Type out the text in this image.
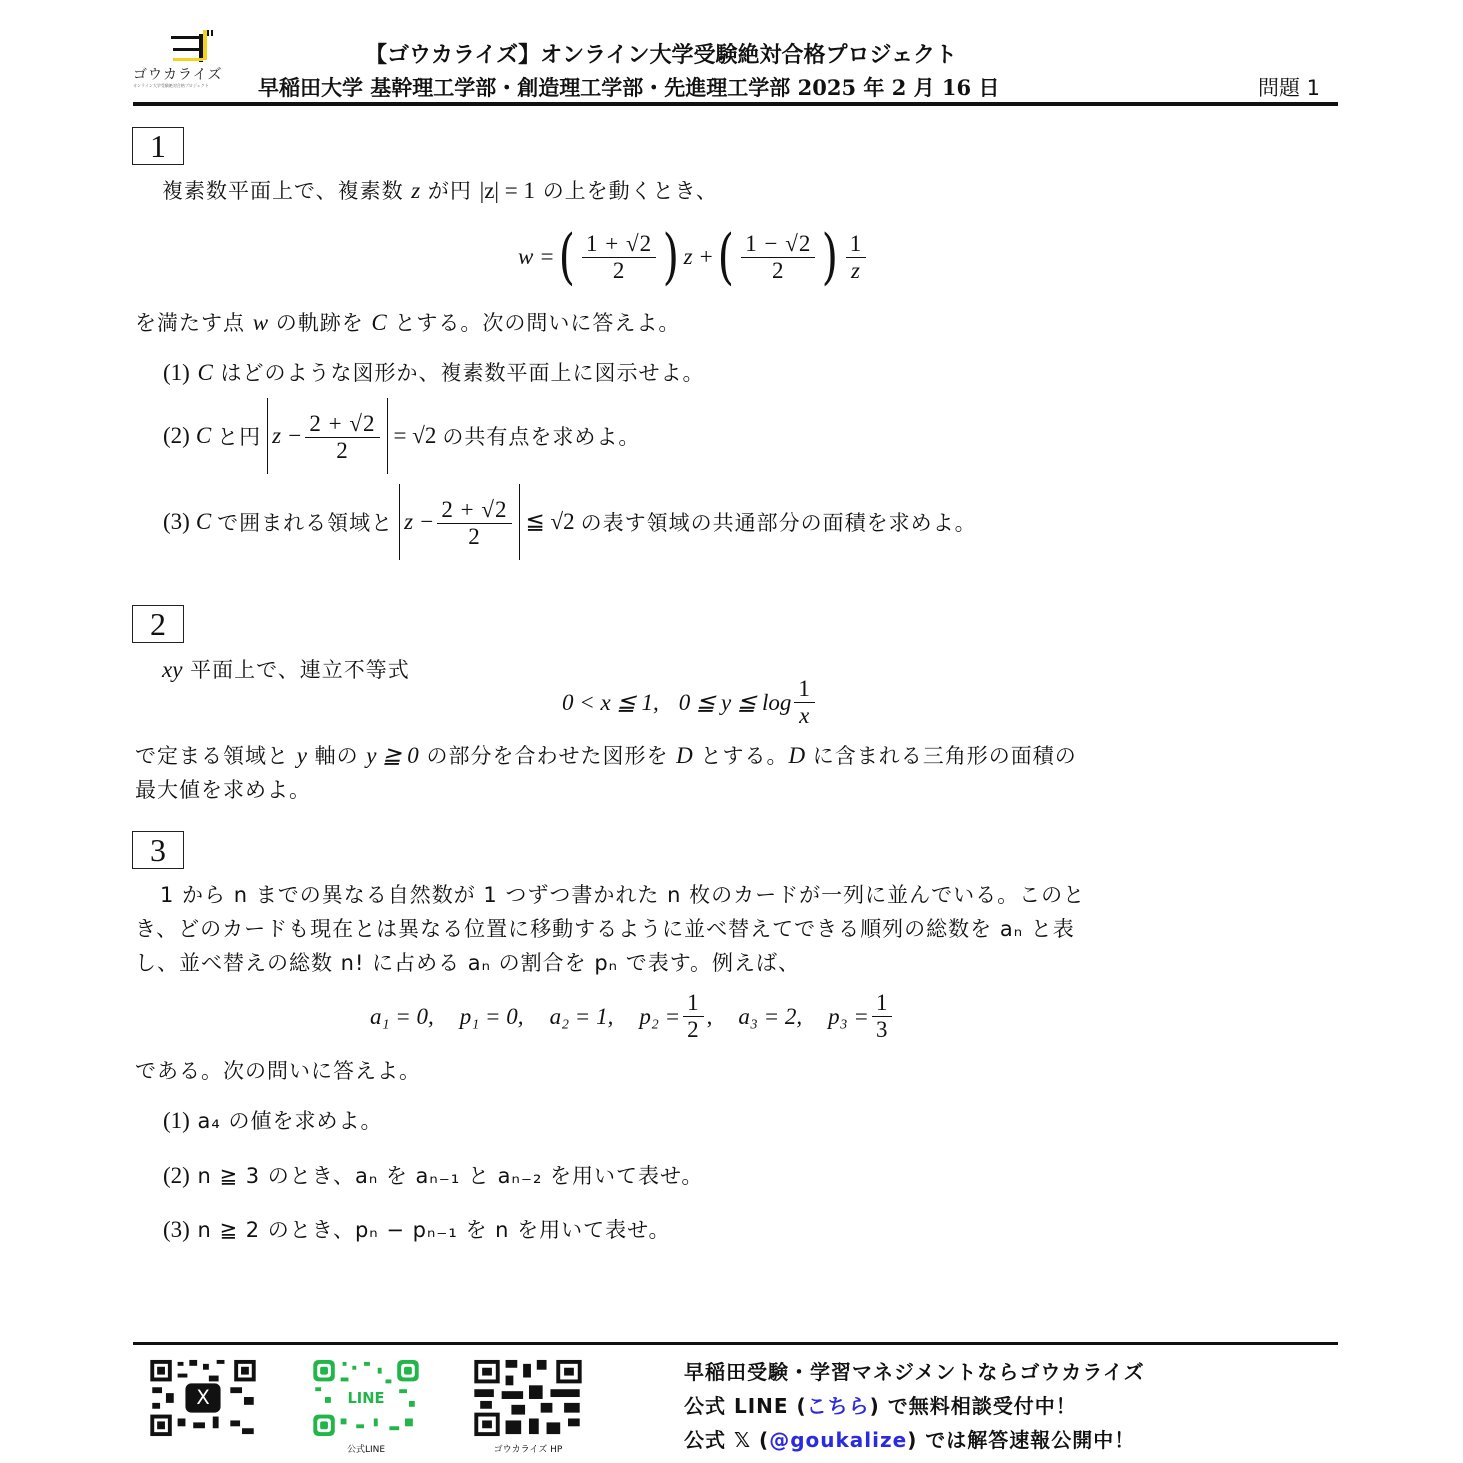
ゴウカライズ
オンライン大学受験絶対合格プロジェクト
【ゴウカライズ】オンライン大学受験絶対合格プロジェクト
早稲田大学 基幹理工学部・創造理工学部・先進理工学部 2025 年 2 月 16 日	問題 1
1
複素数平面上で、複素数 z が円 |z| = 1 の上を動くとき、
w = ( $\frac{1 + √2}{2}$ ) z + ( $\frac{1 - √2}{2}$ ) $\frac{1}{z}$
を満たす点 w の軌跡を C とする。次の問いに答えよ。
(1) C はどのような図形か、複素数平面上に図示せよ。
(2) C と円 $z - \frac{2 + √2}{2} = √2$ の共有点を求めよ。
(3) C で囲まれる領域と $z - \frac{2 + √2}{2}$ ≦ √2 の表す領域の共通部分の面積を求めよ。
2
xy 平面上で、連立不等式
0 < x ≦ 1, 0 ≦ y ≦ $\log \frac{1}{x}$
で定まる領域と y 軸の y ≧ 0 の部分を合わせた図形を D とする。D に含まれる三角形の面積の
最大値を求めよ。
3
1 から n までの異なる自然数が 1 つずつ書かれた n 枚のカードが一列に並んでいる。このと
き、どのカードも現在とは異なる位置に移動するように並べ替えてできる順列の総数を aₙ と表
し、並べ替えの総数 n! に占める aₙ の割合を pₙ で表す。例えば、
a₁ = 0, p₁ = 0, a₂ = 1, $p_2 = \frac{1}{2}$ , a₃ = 2, $p_3 = \frac{1}{3}$
である。次の問いに答えよ。
(1) a₄ の値を求めよ。
(2) n ≧ 3 のとき、aₙ を aₙ₋₁ と aₙ₋₂ を用いて表せ。
(3) n ≧ 2 のとき、pₙ − pₙ₋₁ を n を用いて表せ。
X	LINE
公式LINE	ゴウカライズ HP
早稲田受験・学習マネジメントならゴウカライズ
公式 LINE (こちら) で無料相談受付中！
公式 𝕏 (@goukalize) では解答速報公開中！
